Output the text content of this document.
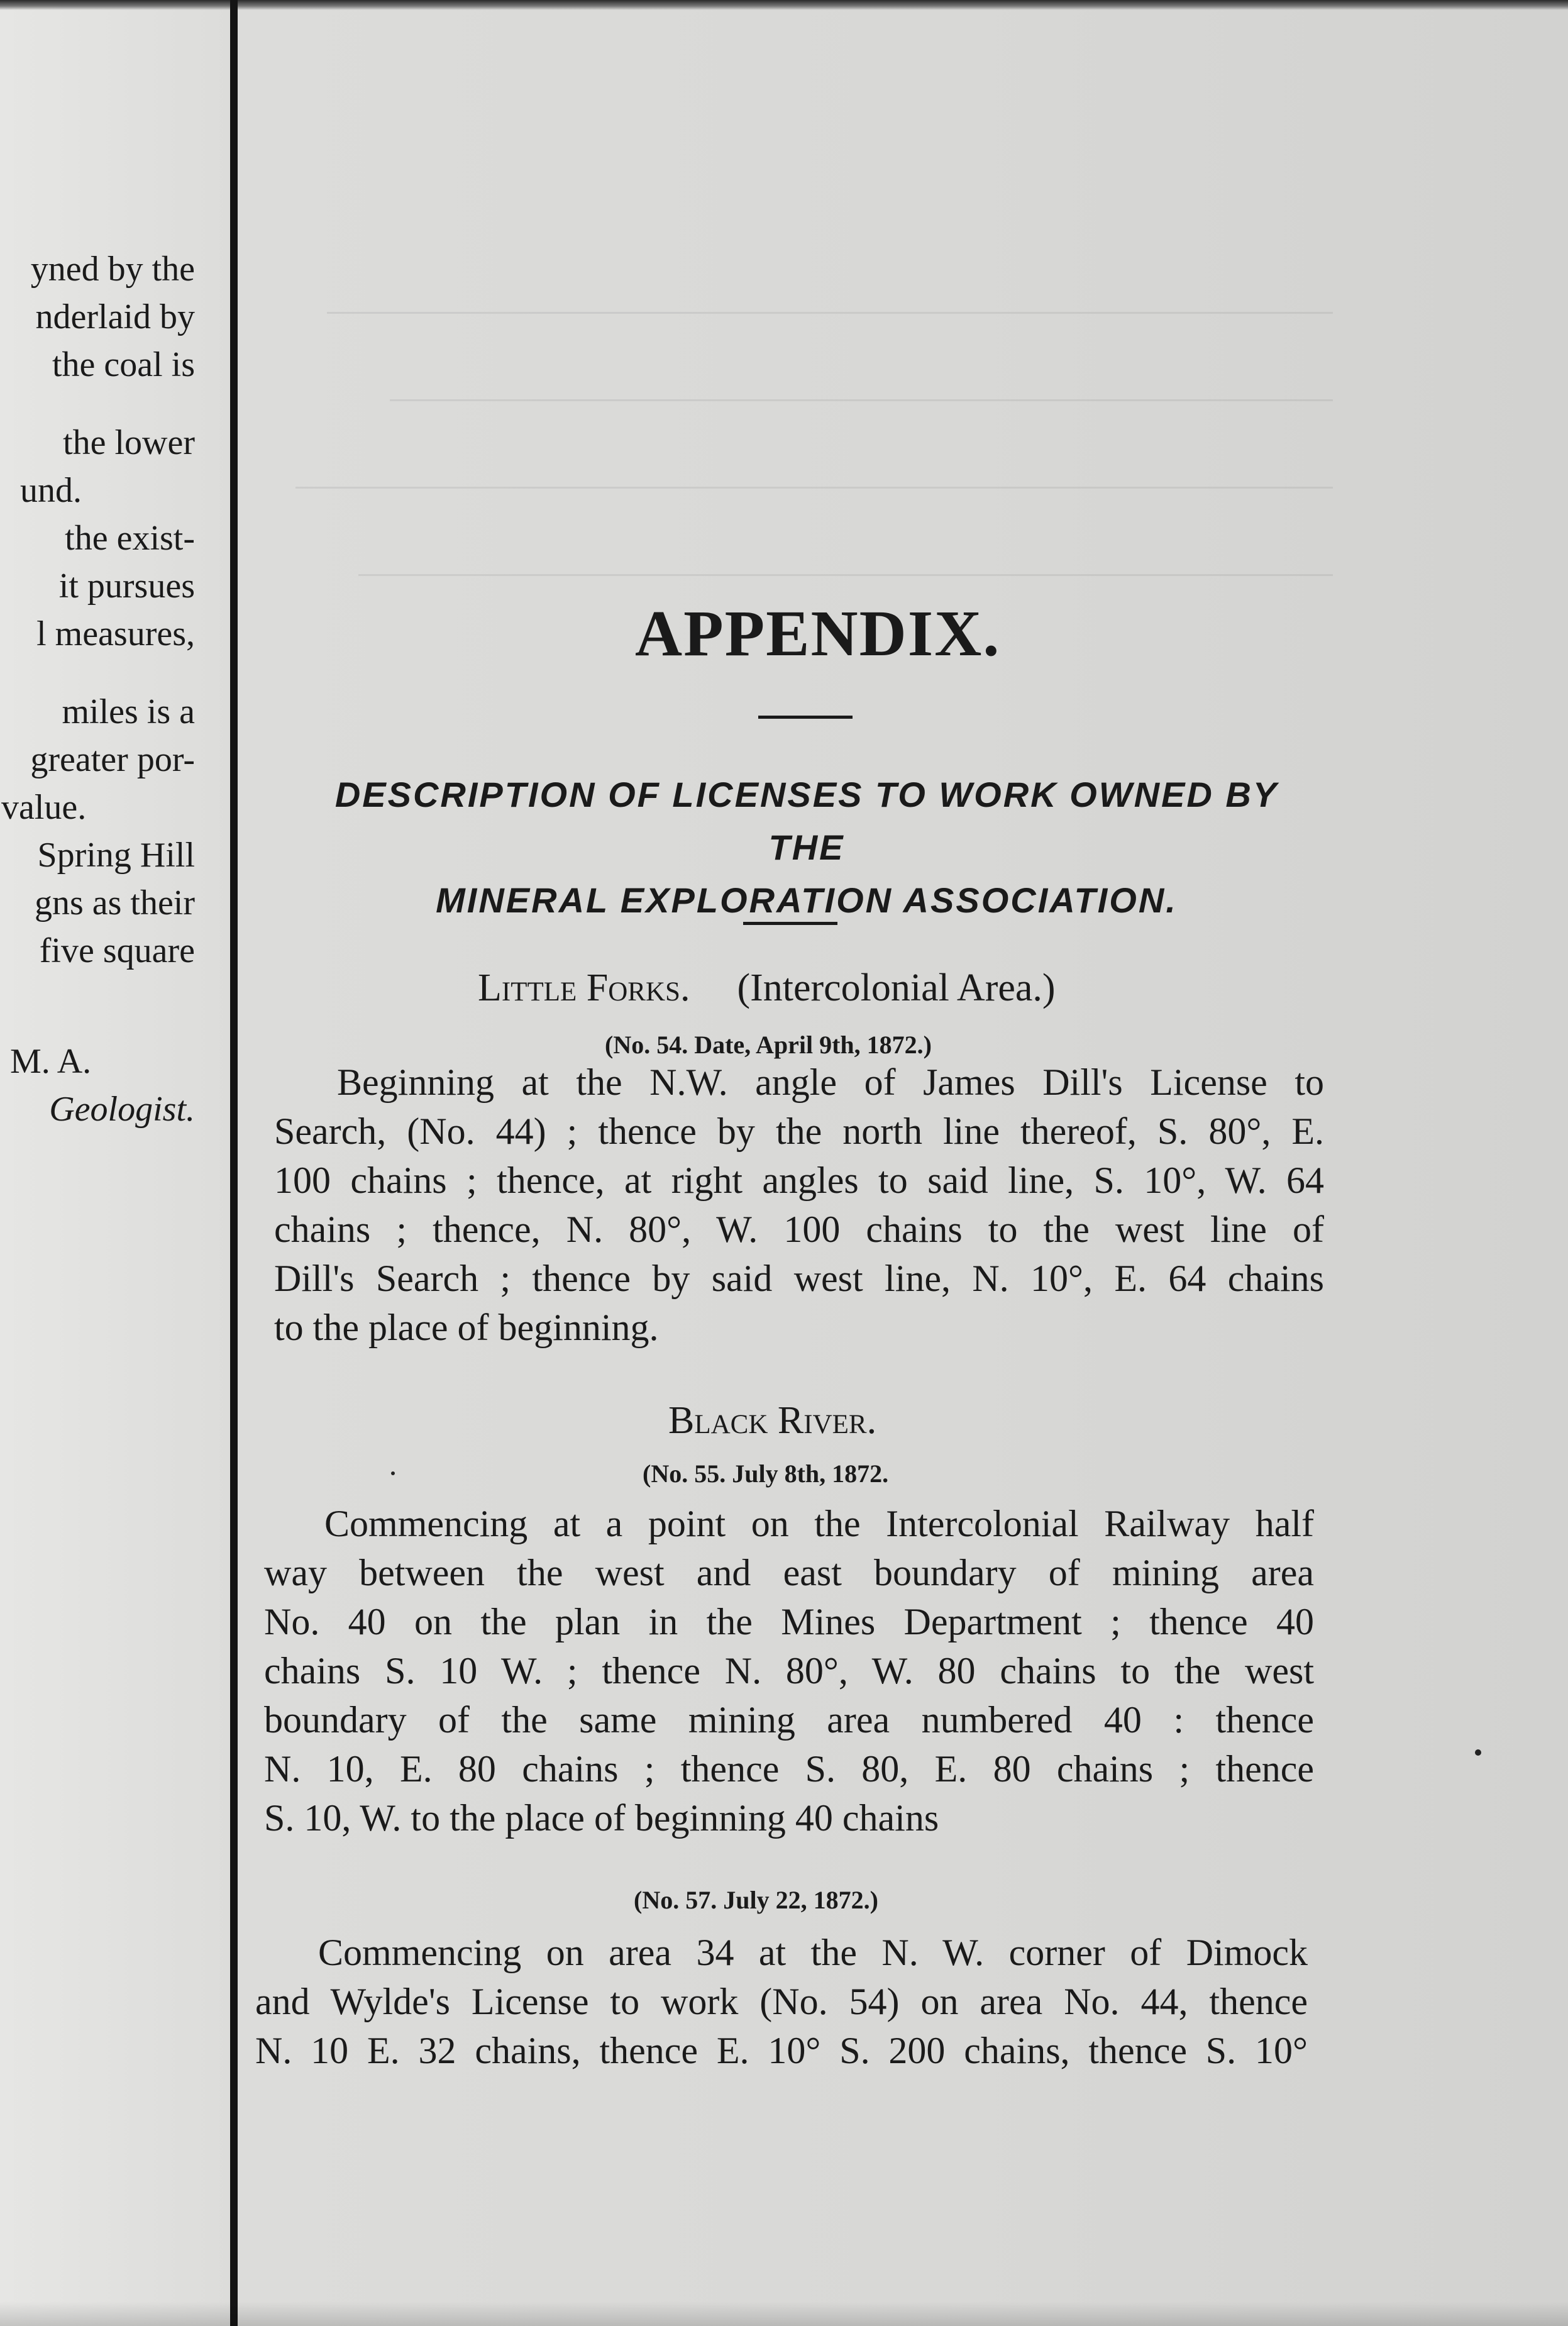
yned by the
nderlaid by
the coal is
the lower
und.
the exist-
it pursues
l measures,
miles is a
greater por-
value.
Spring Hill
gns as their
five square
M. A.
Geologist.
APPENDIX.
DESCRIPTION OF LICENSES TO WORK OWNED BY THE
MINERAL EXPLORATION ASSOCIATION.
Little Forks. (Intercolonial Area.)
(No. 54. Date, April 9th, 1872.)
Beginning at the N.W. angle of James Dill's License to
Search, (No. 44) ; thence by the north line thereof, S. 80°, E.
100 chains ; thence, at right angles to said line, S. 10°, W. 64
chains ; thence, N. 80°, W. 100 chains to the west line of
Dill's Search ; thence by said west line, N. 10°, E. 64 chains
to the place of beginning.
Black River.
(No. 55. July 8th, 1872.
Commencing at a point on the Intercolonial Railway half
way between the west and east boundary of mining area
No. 40 on the plan in the Mines Department ; thence 40
chains S. 10 W. ; thence N. 80°, W. 80 chains to the west
boundary of the same mining area numbered 40 : thence
N. 10, E. 80 chains ; thence S. 80, E. 80 chains ; thence
S. 10, W. to the place of beginning 40 chains
(No. 57. July 22, 1872.)
Commencing on area 34 at the N. W. corner of Dimock
and Wylde's License to work (No. 54) on area No. 44, thence
N. 10 E. 32 chains, thence E. 10° S. 200 chains, thence S. 10°
